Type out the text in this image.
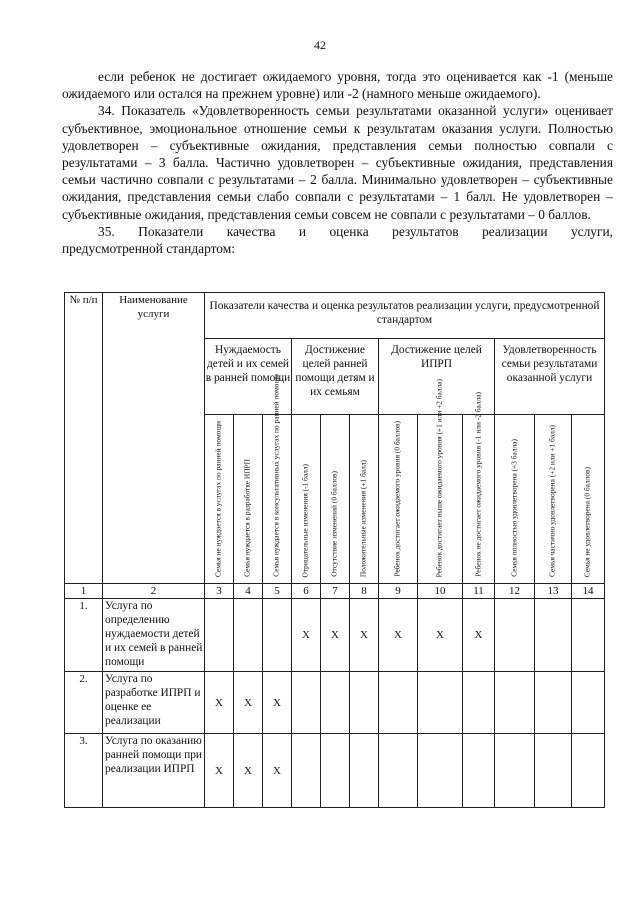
42

если ребенок не достигает ожидаемого уровня, тогда это оценивается как -1 (меньше ожидаемого или остался на прежнем уровне) или -2 (намного меньше ожидаемого).

34. Показатель «Удовлетворенность семьи результатами оказанной услуги» оценивает субъективное, эмоциональное отношение семьи к результатам оказания услуги. Полностью удовлетворен – субъективные ожидания, представления семьи полностью совпали с результатами – 3 балла. Частично удовлетворен – субъективные ожидания, представления семьи частично совпали с результатами – 2 балла. Минимально удовлетворен – субъективные ожидания, представления семьи слабо совпали с результатами – 1 балл. Не удовлетворен – субъективные ожидания, представления семьи совсем не совпали с результатами – 0 баллов.

35. Показатели качества и оценка результатов реализации услуги,

предусмотренной стандартом:

№ п/п	Наименование услуги	Показатели качества и оценка результатов реализации услуги, предусмотренной стандартом											
		Нуждаемость детей и их семей в ранней помощи			Достижение целей ранней помощи детям и их семьям			Достижение целей ИПРП			Удовлетворенность семьи результатами оказанной услуги		

		Семья не нуждается в услугах по ранней помощи	Семья нуждается в разработке ИПРП	Семья нуждается в консультативных услугах по ранней помощи	Отрицательные изменения (-1 балл)	Отсутствие изменений (0 баллов)	Положительные изменения (+1 балл)	Ребенок достигает ожидаемого уровня (0 баллов)	Ребенок достигает выше ожидаемого уровня (+1 или +2 балла)	Ребенок не достигает ожидаемого уровня (-1 или -2 балла)	Семья полностью удовлетворена (+3 балла)	Семья частично удовлетворена (+2 или +1 балл)	Семья не удовлетворена (0 баллов)

1	2	3	4	5	6	7	8	9	10	11	12	13	14
1.	Услуга по определению нуждаемости детей и их семей в ранней помощи				X	X	X	X	X	X			
2.	Услуга по разработке ИПРП и оценке ее реализации	X	X	X									
3.	Услуга по оказанию ранней помощи при реализации ИПРП	X	X	X									
